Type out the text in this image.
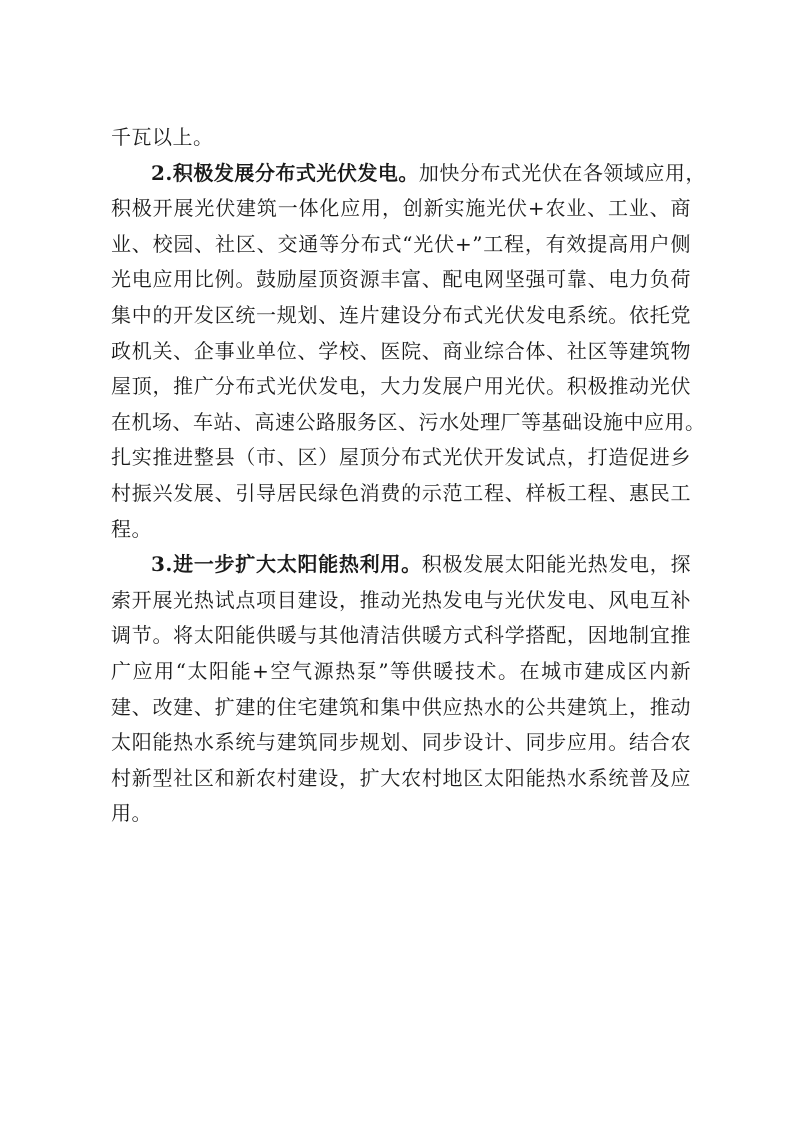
千瓦以上。
2.积极发展分布式光伏发电。加快分布式光伏在各领域应用，
积极开展光伏建筑一体化应用，创新实施光伏+农业、工业、商
业、校园、社区、交通等分布式“光伏+”工程，有效提高用户侧
光电应用比例。鼓励屋顶资源丰富、配电网坚强可靠、电力负荷
集中的开发区统一规划、连片建设分布式光伏发电系统。依托党
政机关、企事业单位、学校、医院、商业综合体、社区等建筑物
屋顶，推广分布式光伏发电，大力发展户用光伏。积极推动光伏
在机场、车站、高速公路服务区、污水处理厂等基础设施中应用。
扎实推进整县（市、区）屋顶分布式光伏开发试点，打造促进乡
村振兴发展、引导居民绿色消费的示范工程、样板工程、惠民工
程。
3.进一步扩大太阳能热利用。积极发展太阳能光热发电，探
索开展光热试点项目建设，推动光热发电与光伏发电、风电互补
调节。将太阳能供暖与其他清洁供暖方式科学搭配，因地制宜推
广应用“太阳能+空气源热泵”等供暖技术。在城市建成区内新
建、改建、扩建的住宅建筑和集中供应热水的公共建筑上，推动
太阳能热水系统与建筑同步规划、同步设计、同步应用。结合农
村新型社区和新农村建设，扩大农村地区太阳能热水系统普及应
用。
